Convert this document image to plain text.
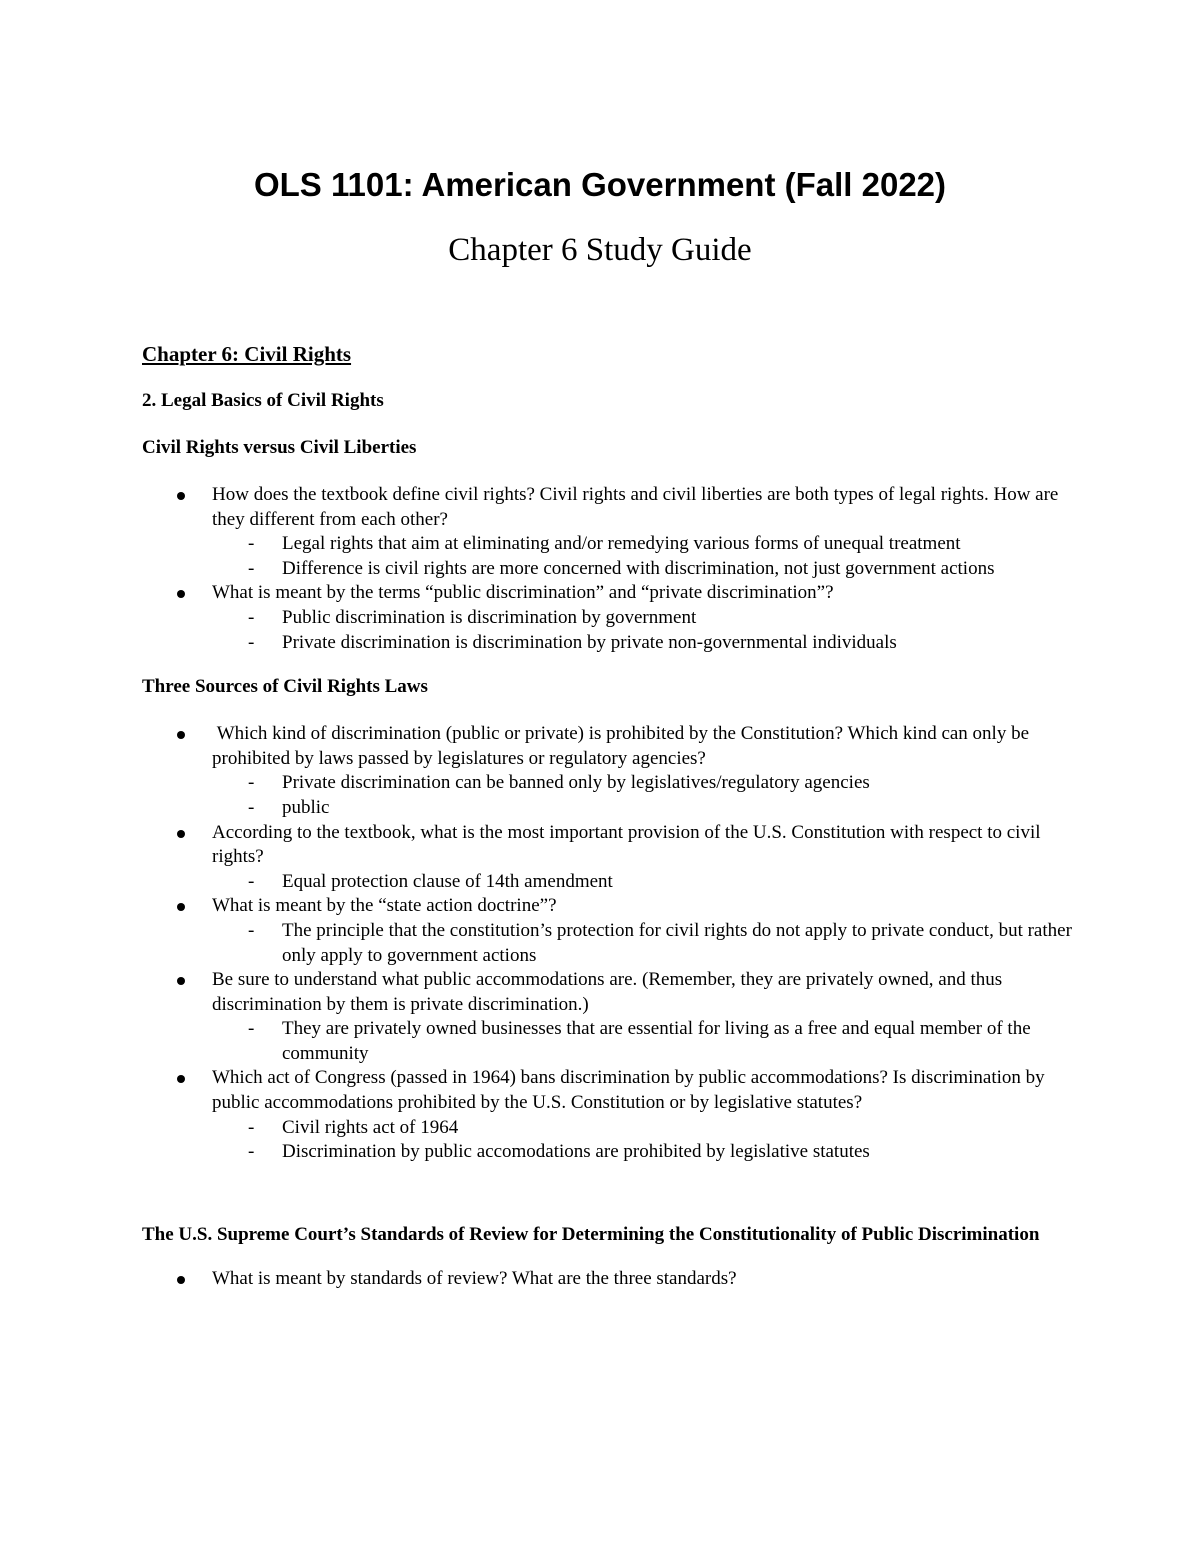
OLS 1101: American Government (Fall 2022)
Chapter 6 Study Guide

Chapter 6: Civil Rights

2. Legal Basics of Civil Rights

Civil Rights versus Civil Liberties

How does the textbook define civil rights? Civil rights and civil liberties are both types of legal rights. How are they different from each other?
- Legal rights that aim at eliminating and/or remedying various forms of unequal treatment
- Difference is civil rights are more concerned with discrimination, not just government actions
What is meant by the terms “public discrimination” and “private discrimination”?
- Public discrimination is discrimination by government
- Private discrimination is discrimination by private non-governmental individuals

Three Sources of Civil Rights Laws

Which kind of discrimination (public or private) is prohibited by the Constitution? Which kind can only be prohibited by laws passed by legislatures or regulatory agencies?
- Private discrimination can be banned only by legislatives/regulatory agencies
- public
According to the textbook, what is the most important provision of the U.S. Constitution with respect to civil rights?
- Equal protection clause of 14th amendment
What is meant by the “state action doctrine”?
- The principle that the constitution’s protection for civil rights do not apply to private conduct, but rather only apply to government actions
Be sure to understand what public accommodations are. (Remember, they are privately owned, and thus discrimination by them is private discrimination.)
- They are privately owned businesses that are essential for living as a free and equal member of the community
Which act of Congress (passed in 1964) bans discrimination by public accommodations? Is discrimination by public accommodations prohibited by the U.S. Constitution or by legislative statutes?
- Civil rights act of 1964
- Discrimination by public accomodations are prohibited by legislative statutes

The U.S. Supreme Court’s Standards of Review for Determining the Constitutionality of Public Discrimination

What is meant by standards of review? What are the three standards?
